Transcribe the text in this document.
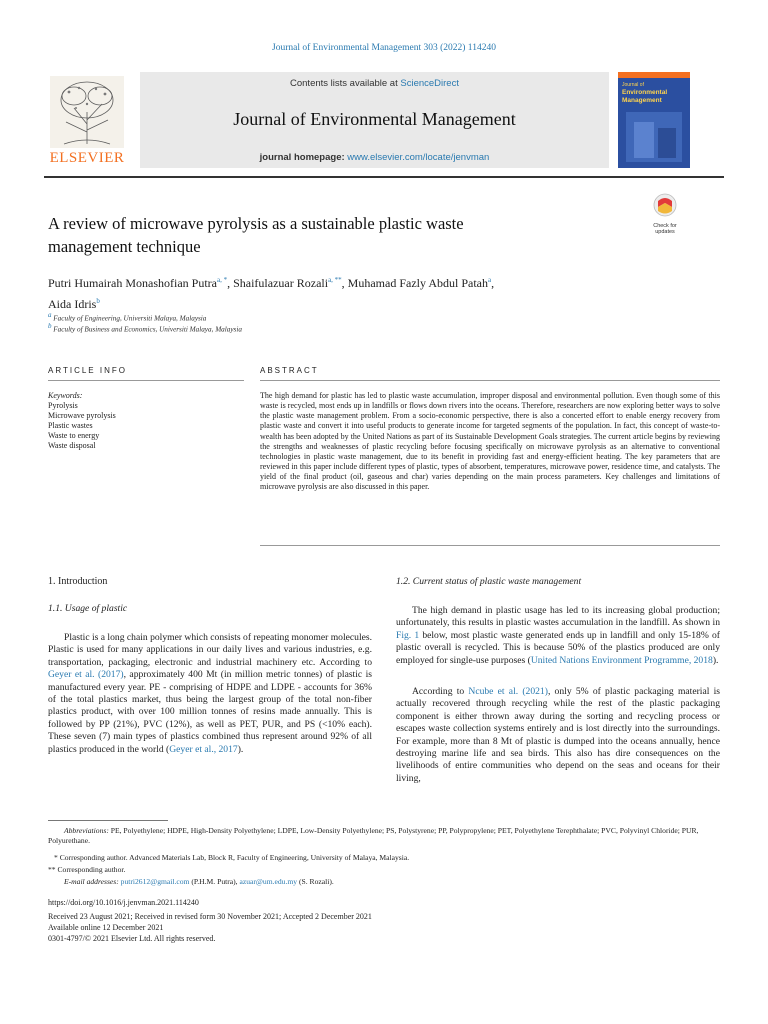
Journal of Environmental Management 303 (2022) 114240
ELSEVIER
Contents lists available at ScienceDirect
Journal of Environmental Management
journal homepage: www.elsevier.com/locate/jenvman
Journal of
Environmental
Management
Check for
updates
A review of microwave pyrolysis as a sustainable plastic waste
management technique
Putri Humairah Monashofian Putra$^{a, *}$, Shaifulazuar Rozali$^{a, **}$, Muhamad Fazly Abdul Patah$^a$,
Aida Idris$^b$
$^a$ Faculty of Engineering, Universiti Malaya, Malaysia
$^b$ Faculty of Business and Economics, Universiti Malaya, Malaysia
ARTICLE INFO	ABSTRACT
Keywords:
Pyrolysis
Microwave pyrolysis
Plastic wastes
Waste to energy
Waste disposal
The high demand for plastic has led to plastic waste accumulation, improper disposal and environmental pollution. Even though some of this waste is recycled, most ends up in landfills or flows down rivers into the oceans. Therefore, researchers are now exploring better ways to solve the plastic waste management problem. From a socio-economic perspective, there is also a concerted effort to enable energy recovery from plastic waste and convert it into useful products to generate income for targeted segments of the population. In fact, this concept of waste-to-wealth has been adopted by the United Nations as part of its Sustainable Development Goals strategies. The current article begins by reviewing the strengths and weaknesses of plastic recycling before focusing specifically on microwave pyrolysis as an alternative to conventional technologies in plastic waste management, due to its benefit in providing fast and energy-efficient heating. The key parameters that are reviewed in this paper include different types of plastic, types of absorbent, temperatures, microwave power, residence time, and catalysts. The yield of the final product (oil, gaseous and char) varies depending on the main process parameters. Key challenges and limitations of microwave pyrolysis are also discussed in this paper.
1. Introduction
1.1. Usage of plastic
Plastic is a long chain polymer which consists of repeating monomer molecules. Plastic is used for many applications in our daily lives and various industries, e.g. transportation, packaging, electronic and industrial machinery etc. According to Geyer et al. (2017), approximately 400 Mt (in million metric tonnes) of plastic is manufactured every year. PE - comprising of HDPE and LDPE - accounts for 36% of the total plastics market, thus being the largest group of the total non-fiber plastics product, with over 100 million tonnes of resins made annually. This is followed by PP (21%), PVC (12%), as well as PET, PUR, and PS (<10% each). These seven (7) main types of plastics combined thus represent around 92% of all plastics produced in the world (Geyer et al., 2017).
1.2. Current status of plastic waste management
The high demand in plastic usage has led to its increasing global production; unfortunately, this results in plastic wastes accumulation in the landfill. As shown in Fig. 1 below, most plastic waste generated ends up in landfill and only 15-18% of plastic overall is recycled. This is because 50% of the plastics produced are only employed for single-use purposes (United Nations Environment Programme, 2018).
According to Ncube et al. (2021), only 5% of plastic packaging material is actually recovered through recycling while the rest of the plastic packaging component is either thrown away during the sorting and recycling process or escapes waste collection systems entirely and is lost directly into the surroundings. For example, more than 8 Mt of plastic is dumped into the oceans annually, hence destroying marine life and sea birds. This also has dire consequences on the livelihoods of entire communities who depend on the seas and oceans for their living,
Abbreviations: PE, Polyethylene; HDPE, High-Density Polyethylene; LDPE, Low-Density Polyethylene; PS, Polystyrene; PP, Polypropylene; PET, Polyethylene Terephthalate; PVC, Polyvinyl Chloride; PUR, Polyurethane.
* Corresponding author. Advanced Materials Lab, Block R, Faculty of Engineering, University of Malaya, Malaysia.
** Corresponding author.
E-mail addresses: putri2612@gmail.com (P.H.M. Putra), azuar@um.edu.my (S. Rozali).
https://doi.org/10.1016/j.jenvman.2021.114240
Received 23 August 2021; Received in revised form 30 November 2021; Accepted 2 December 2021
Available online 12 December 2021
0301-4797/© 2021 Elsevier Ltd. All rights reserved.
